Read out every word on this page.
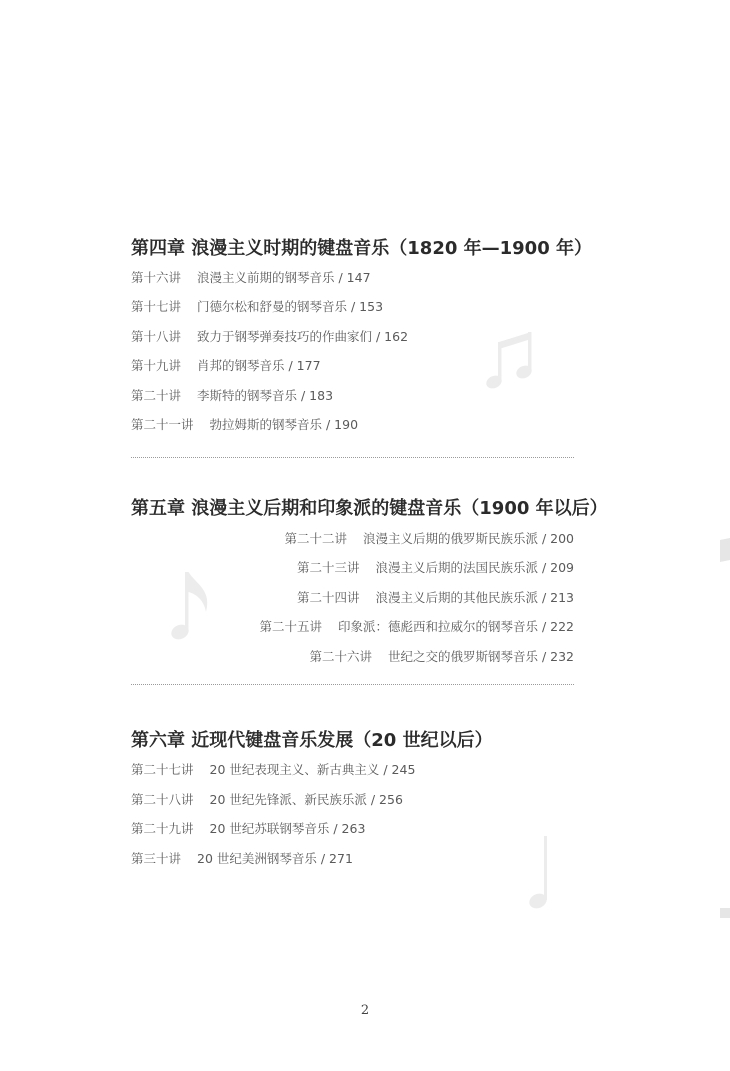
第四章 浪漫主义时期的键盘音乐（1820 年—1900 年）
第十六讲 浪漫主义前期的钢琴音乐 / 147
第十七讲 门德尔松和舒曼的钢琴音乐 / 153
第十八讲 致力于钢琴弹奏技巧的作曲家们 / 162
第十九讲 肖邦的钢琴音乐 / 177
第二十讲 李斯特的钢琴音乐 / 183
第二十一讲 勃拉姆斯的钢琴音乐 / 190
第五章 浪漫主义后期和印象派的键盘音乐（1900 年以后）
第二十二讲 浪漫主义后期的俄罗斯民族乐派 / 200
第二十三讲 浪漫主义后期的法国民族乐派 / 209
第二十四讲 浪漫主义后期的其他民族乐派 / 213
第二十五讲 印象派：德彪西和拉威尔的钢琴音乐 / 222
第二十六讲 世纪之交的俄罗斯钢琴音乐 / 232
第六章 近现代键盘音乐发展（20 世纪以后）
第二十七讲 20 世纪表现主义、新古典主义 / 245
第二十八讲 20 世纪先锋派、新民族乐派 / 256
第二十九讲 20 世纪苏联钢琴音乐 / 263
第三十讲 20 世纪美洲钢琴音乐 / 271
2
